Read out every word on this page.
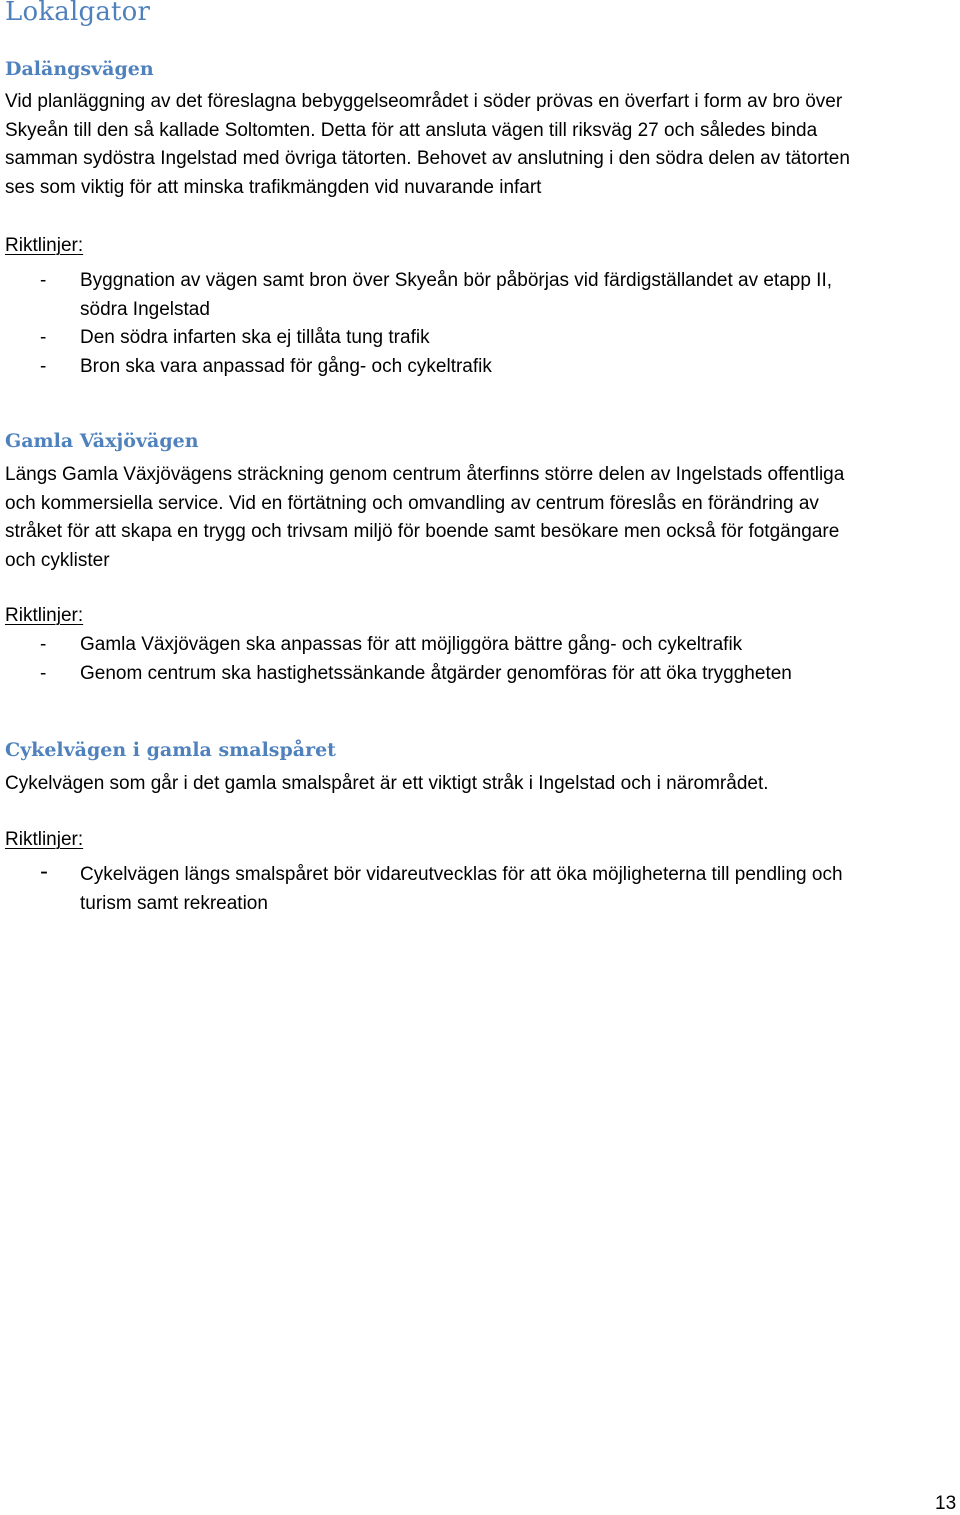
Lokalgator
Dalängsvägen
Vid planläggning av det föreslagna bebyggelseområdet i söder prövas en överfart i form av bro över
Skyeån till den så kallade Soltomten. Detta för att ansluta vägen till riksväg 27 och således binda
samman sydöstra Ingelstad med övriga tätorten. Behovet av anslutning i den södra delen av tätorten
ses som viktig för att minska trafikmängden vid nuvarande infart
Riktlinjer:
- Byggnation av vägen samt bron över Skyeån bör påbörjas vid färdigställandet av etapp II,
södra Ingelstad
- Den södra infarten ska ej tillåta tung trafik
- Bron ska vara anpassad för gång- och cykeltrafik
Gamla Växjövägen
Längs Gamla Växjövägens sträckning genom centrum återfinns större delen av Ingelstads offentliga
och kommersiella service. Vid en förtätning och omvandling av centrum föreslås en förändring av
stråket för att skapa en trygg och trivsam miljö för boende samt besökare men också för fotgängare
och cyklister
Riktlinjer:
- Gamla Växjövägen ska anpassas för att möjliggöra bättre gång- och cykeltrafik
- Genom centrum ska hastighetssänkande åtgärder genomföras för att öka tryggheten
Cykelvägen i gamla smalspåret
Cykelvägen som går i det gamla smalspåret är ett viktigt stråk i Ingelstad och i närområdet.
Riktlinjer:
- Cykelvägen längs smalspåret bör vidareutvecklas för att öka möjligheterna till pendling och
turism samt rekreation
13
